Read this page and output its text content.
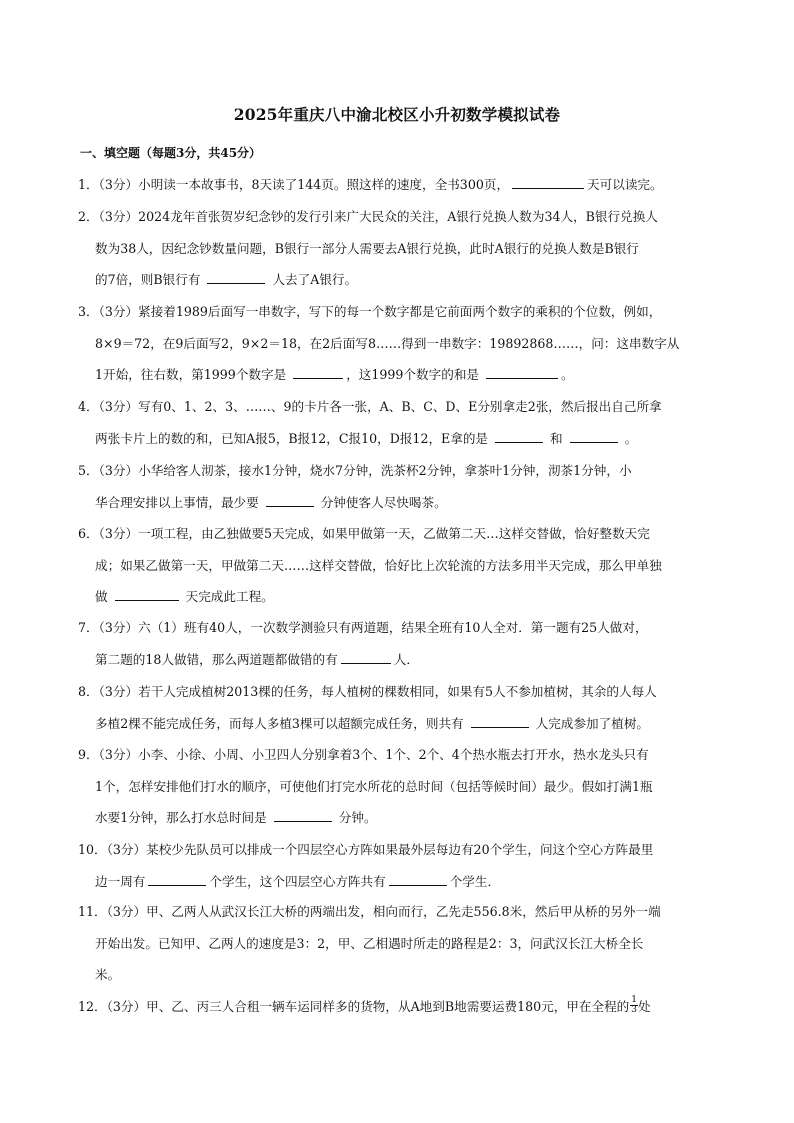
2025年重庆八中渝北校区小升初数学模拟试卷
一、填空题（每题3分，共45分）
1．（3分）小明读一本故事书，8天读了144页。照这样的速度，全书300页，	天可以读完。
2．（3分）2024龙年首张贺岁纪念钞的发行引来广大民众的关注，A银行兑换人数为34人，B银行兑换人
数为38人，因纪念钞数量问题，B银行一部分人需要去A银行兑换，此时A银行的兑换人数是B银行
的7倍，则B银行有	人去了A银行。
3．（3分）紧接着1989后面写一串数字，写下的每一个数字都是它前面两个数字的乘积的个位数，例如，
8×9＝72，在9后面写2，9×2＝18，在2后面写8……得到一串数字：19892868……，问：这串数字从
1开始，往右数，第1999个数字是	，这1999个数字的和是	。
4．（3分）写有0、1、2、3、……、9的卡片各一张，A、B、C、D、E分别拿走2张，然后报出自己所拿
两张卡片上的数的和，已知A报5，B报12，C报10，D报12，E拿的是	和	。
5．（3分）小华给客人沏茶，接水1分钟，烧水7分钟，洗茶杯2分钟，拿茶叶1分钟，沏茶1分钟，小
华合理安排以上事情，最少要	分钟使客人尽快喝茶。
6．（3分）一项工程，由乙独做要5天完成，如果甲做第一天，乙做第二天…这样交替做，恰好整数天完
成；如果乙做第一天，甲做第二天……这样交替做，恰好比上次轮流的方法多用半天完成，那么甲单独
做	天完成此工程。
7．（3分）六（1）班有40人，一次数学测验只有两道题，结果全班有10人全对．第一题有25人做对，
第二题的18人做错，那么两道题都做错的有	人．
8．（3分）若干人完成植树2013棵的任务，每人植树的棵数相同，如果有5人不参加植树，其余的人每人
多植2棵不能完成任务，而每人多植3棵可以超额完成任务，则共有	人完成参加了植树。
9．（3分）小李、小徐、小周、小卫四人分别拿着3个、1个、2个、4个热水瓶去打开水，热水龙头只有
1个，怎样安排他们打水的顺序，可使他们打完水所花的总时间（包括等候时间）最少。假如打满1瓶
水要1分钟，那么打水总时间是	分钟。
10．（3分）某校少先队员可以排成一个四层空心方阵如果最外层每边有20个学生，问这个空心方阵最里
边一周有	个学生，这个四层空心方阵共有	个学生．
11．（3分）甲、乙两人从武汉长江大桥的两端出发，相向而行，乙先走556.8米，然后甲从桥的另外一端
开始出发。已知甲、乙两人的速度是3：2，甲、乙相遇时所走的路程是2：3，问武汉长江大桥全长
米。
12．（3分）甲、乙、丙三人合租一辆车运同样多的货物，从A地到B地需要运费180元，甲在全程的 $\frac{1}{3}$ 处
